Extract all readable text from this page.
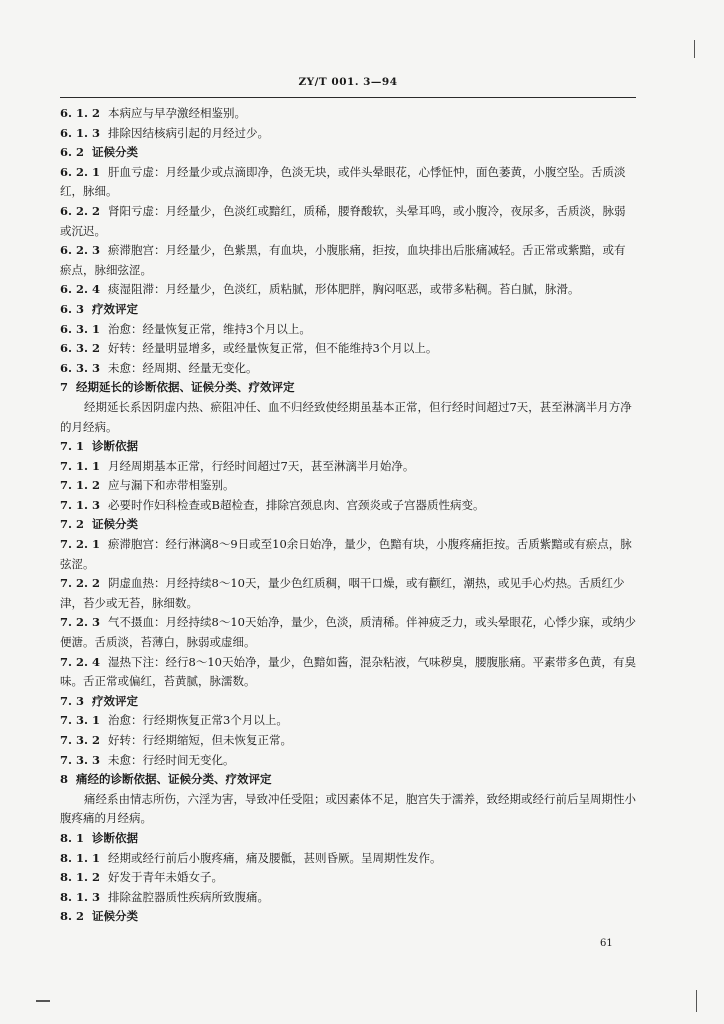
ZY/T 001. 3—94

6. 1. 2 本病应与早孕激经相鉴别。

6. 1. 3 排除因结核病引起的月经过少。

6. 2 证候分类

6. 2. 1 肝血亏虚：月经量少或点滴即净，色淡无块，或伴头晕眼花，心悸怔忡，面色萎黄，小腹空坠。舌质淡红，脉细。

6. 2. 2 肾阳亏虚：月经量少，色淡红或黯红，质稀，腰脊酸软，头晕耳鸣，或小腹冷，夜尿多，舌质淡，脉弱或沉迟。

6. 2. 3 瘀滞胞宫：月经量少，色紫黑，有血块，小腹胀痛，拒按，血块排出后胀痛减轻。舌正常或紫黯，或有瘀点，脉细弦涩。

6. 2. 4 痰湿阻滞：月经量少，色淡红，质粘腻，形体肥胖，胸闷呕恶，或带多粘稠。苔白腻，脉滑。

6. 3 疗效评定

6. 3. 1 治愈：经量恢复正常，维持3个月以上。

6. 3. 2 好转：经量明显增多，或经量恢复正常，但不能维持3个月以上。

6. 3. 3 未愈：经周期、经量无变化。

7 经期延长的诊断依据、证候分类、疗效评定

经期延长系因阴虚内热、瘀阻冲任、血不归经致使经期虽基本正常，但行经时间超过7天，甚至淋漓半月方净的月经病。

7. 1 诊断依据

7. 1. 1 月经周期基本正常，行经时间超过7天，甚至淋漓半月始净。

7. 1. 2 应与漏下和赤带相鉴别。

7. 1. 3 必要时作妇科检查或B超检查，排除宫颈息肉、宫颈炎或子宫器质性病变。

7. 2 证候分类

7. 2. 1 瘀滞胞宫：经行淋漓8～9日或至10余日始净，量少，色黯有块，小腹疼痛拒按。舌质紫黯或有瘀点，脉弦涩。

7. 2. 2 阴虚血热：月经持续8～10天，量少色红质稠，咽干口燥，或有颧红，潮热，或见手心灼热。舌质红少津，苔少或无苔，脉细数。

7. 2. 3 气不摄血：月经持续8～10天始净，量少，色淡，质清稀。伴神疲乏力，或头晕眼花，心悸少寐，或纳少便溏。舌质淡，苔薄白，脉弱或虚细。

7. 2. 4 湿热下注：经行8～10天始净，量少，色黯如酱，混杂粘液，气味秽臭，腰腹胀痛。平素带多色黄，有臭味。舌正常或偏红，苔黄腻，脉濡数。

7. 3 疗效评定

7. 3. 1 治愈：行经期恢复正常3个月以上。

7. 3. 2 好转：行经期缩短，但未恢复正常。

7. 3. 3 未愈：行经时间无变化。

8 痛经的诊断依据、证候分类、疗效评定

痛经系由情志所伤，六淫为害，导致冲任受阻；或因素体不足，胞宫失于濡养，致经期或经行前后呈周期性小腹疼痛的月经病。

8. 1 诊断依据

8. 1. 1 经期或经行前后小腹疼痛，痛及腰骶，甚则昏厥。呈周期性发作。

8. 1. 2 好发于青年未婚女子。

8. 1. 3 排除盆腔器质性疾病所致腹痛。

8. 2 证候分类

61
